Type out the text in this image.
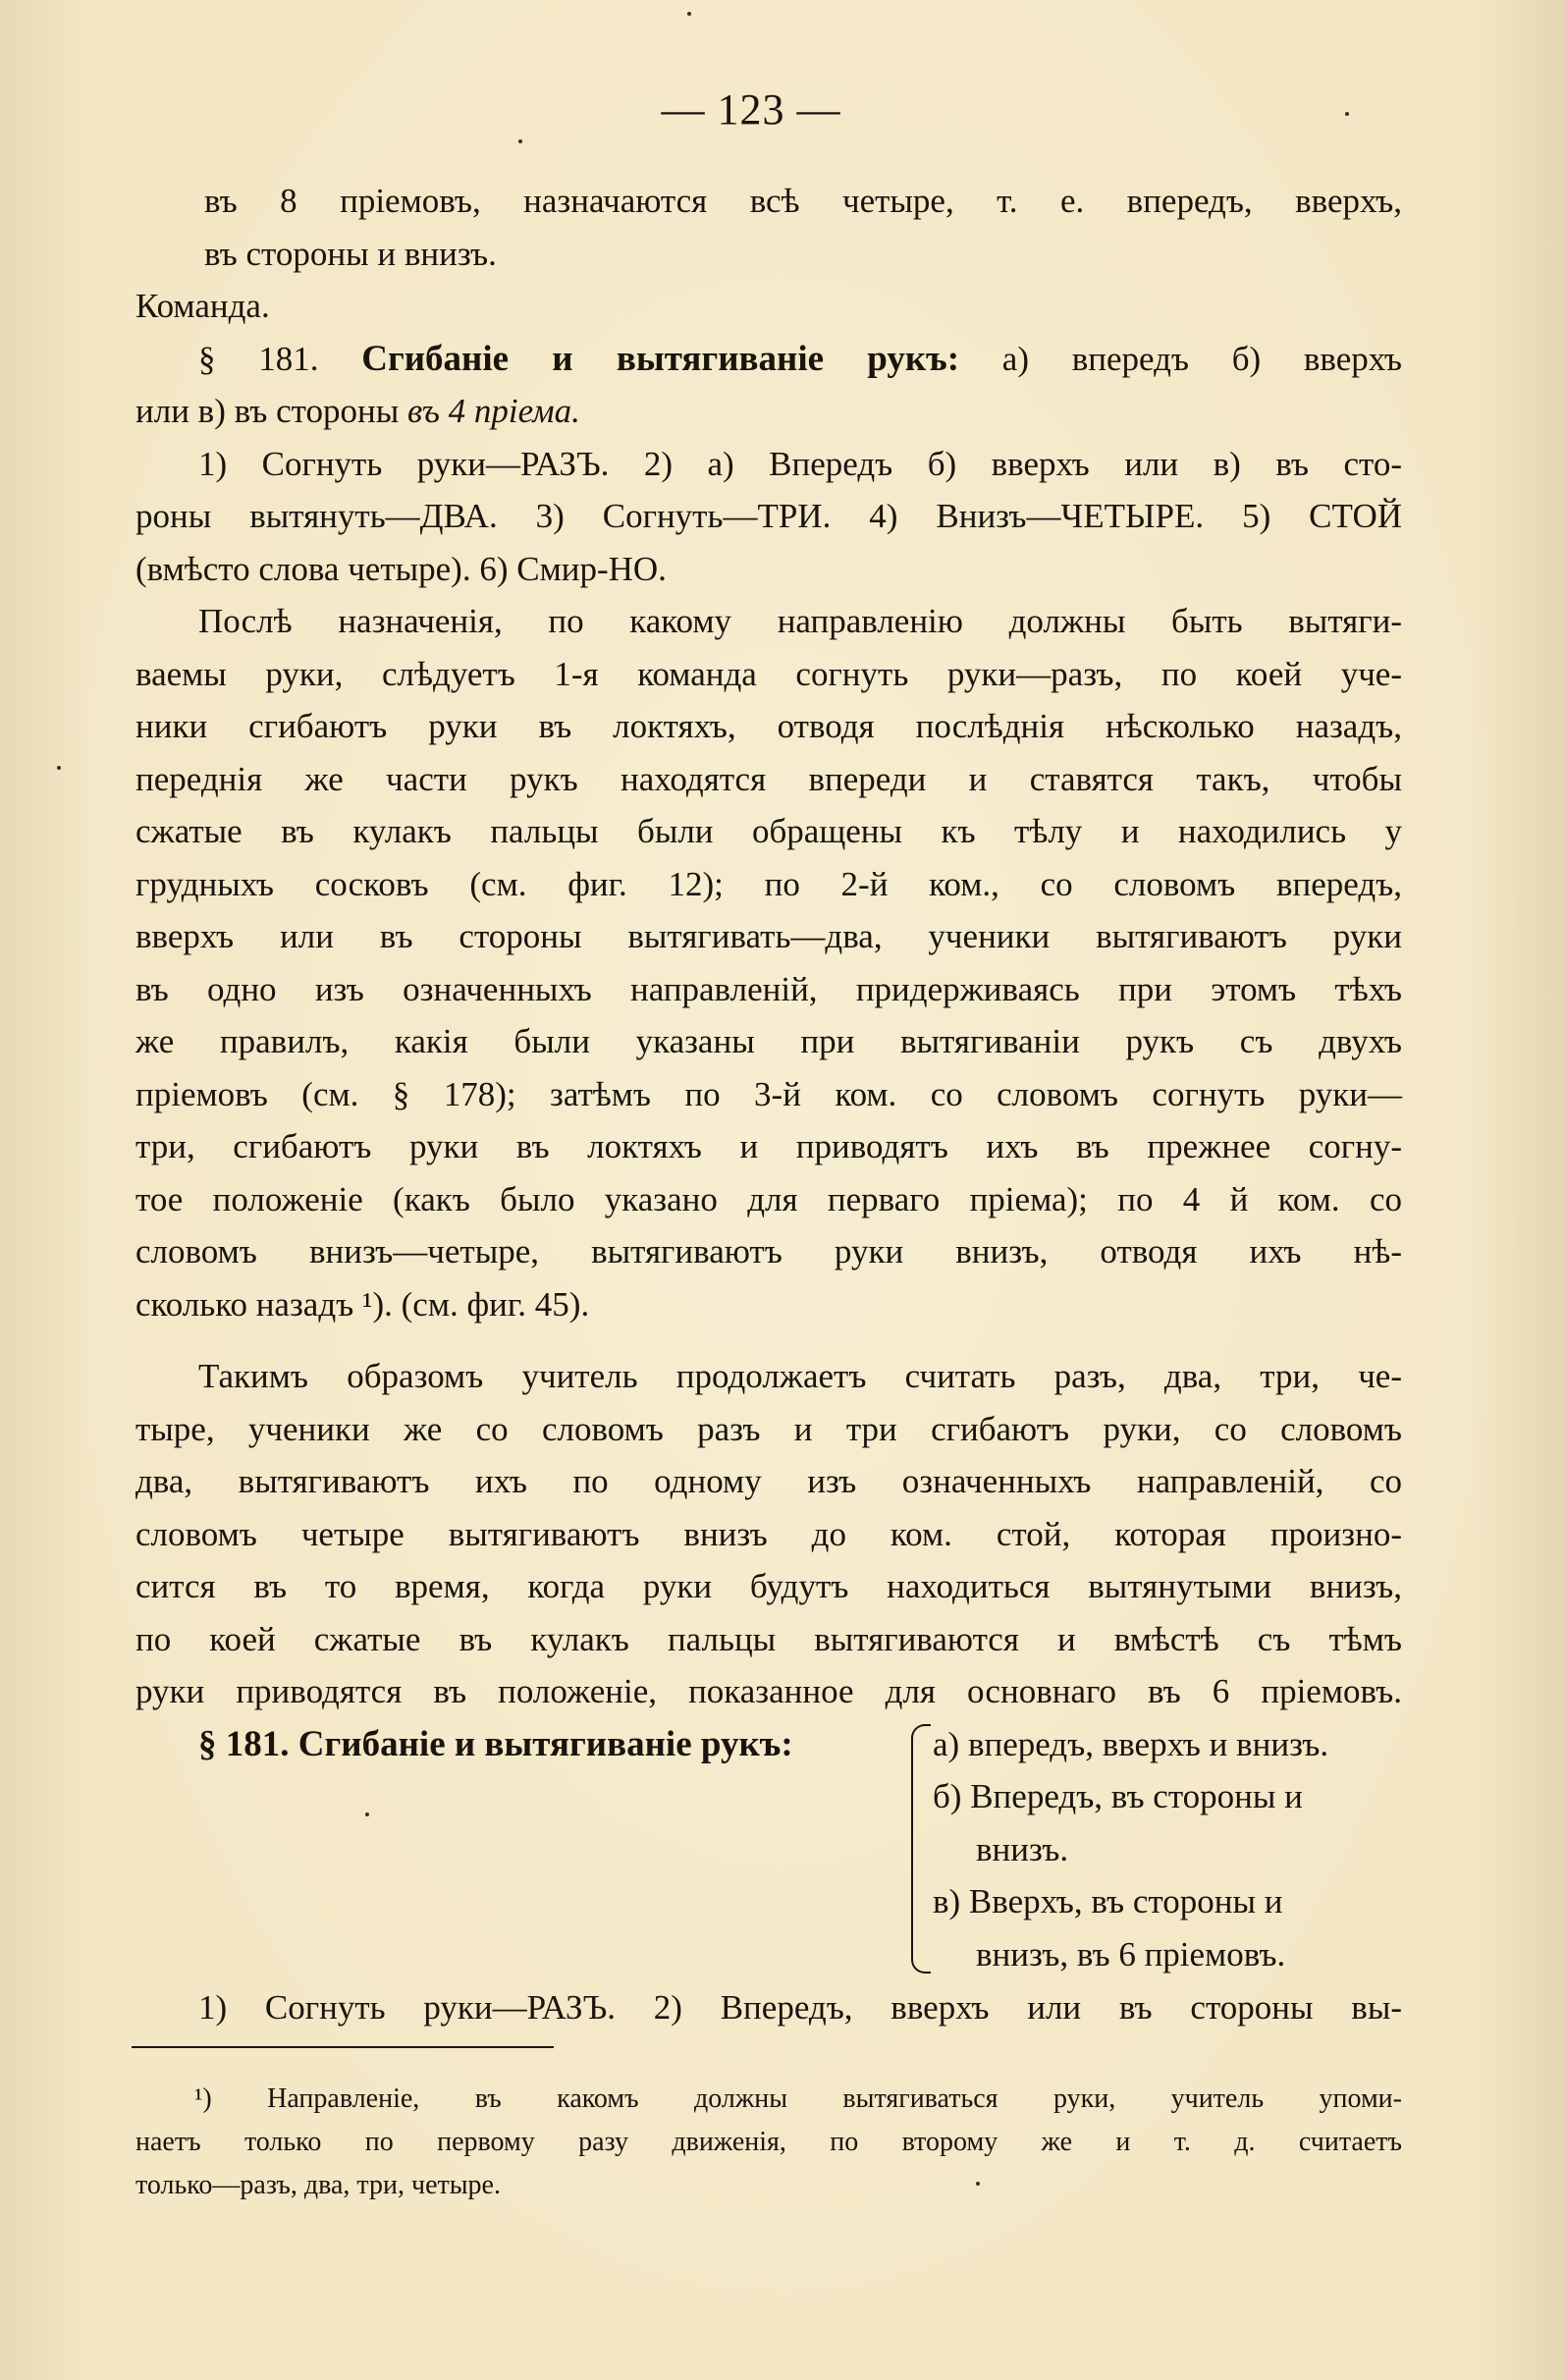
— 123 —
въ 8 пріемовъ, назначаются всѣ четыре, т. е. впередъ, вверхъ,
въ стороны и внизъ.
Команда.
§ 181. Сгибаніе и вытягиваніе рукъ: а) впередъ б) вверхъ
или в) въ стороны въ 4 пріема.
1) Согнуть руки—РАЗЪ. 2) а) Впередъ б) вверхъ или в) въ сто-
роны вытянуть—ДВА. 3) Согнуть—ТРИ. 4) Внизъ—ЧЕТЫРЕ. 5) СТОЙ
(вмѣсто слова четыре). 6) Смир-НО.
Послѣ назначенія, по какому направленію должны быть вытяги-
ваемы руки, слѣдуетъ 1-я команда согнуть руки—разъ, по коей уче-
ники сгибаютъ руки въ локтяхъ, отводя послѣднія нѣсколько назадъ,
переднія же части рукъ находятся впереди и ставятся такъ, чтобы
сжатые въ кулакъ пальцы были обращены къ тѣлу и находились у
грудныхъ сосковъ (см. фиг. 12); по 2-й ком., со словомъ впередъ,
вверхъ или въ стороны вытягивать—два, ученики вытягиваютъ руки
въ одно изъ означенныхъ направленій, придерживаясь при этомъ тѣхъ
же правилъ, какія были указаны при вытягиваніи рукъ съ двухъ
пріемовъ (см. § 178); затѣмъ по 3-й ком. со словомъ согнуть руки—
три, сгибаютъ руки въ локтяхъ и приводятъ ихъ въ прежнее согну-
тое положеніе (какъ было указано для перваго пріема); по 4 й ком. со
словомъ внизъ—четыре, вытягиваютъ руки внизъ, отводя ихъ нѣ-
сколько назадъ ¹). (см. фиг. 45).
Такимъ образомъ учитель продолжаетъ считать разъ, два, три, че-
тыре, ученики же со словомъ разъ и три сгибаютъ руки, со словомъ
два, вытягиваютъ ихъ по одному изъ означенныхъ направленій, со
словомъ четыре вытягиваютъ внизъ до ком. стой, которая произно-
сится въ то время, когда руки будутъ находиться вытянутыми внизъ,
по коей сжатые въ кулакъ пальцы вытягиваются и вмѣстѣ съ тѣмъ
руки приводятся въ положеніе, показанное для основнаго въ 6 пріемовъ.
§ 181. Сгибаніе и вытягиваніе рукъ:	а) впередъ, вверхъ и внизъ.
б) Впередъ, въ стороны и
внизъ.
в) Вверхъ, въ стороны и
внизъ, въ 6 пріемовъ.
1) Согнуть руки—РАЗЪ. 2) Впередъ, вверхъ или въ стороны вы-
¹) Направленіе, въ какомъ должны вытягиваться руки, учитель упоми-
наетъ только по первому разу движенія, по второму же и т. д. считаетъ
только—разъ, два, три, четыре.
